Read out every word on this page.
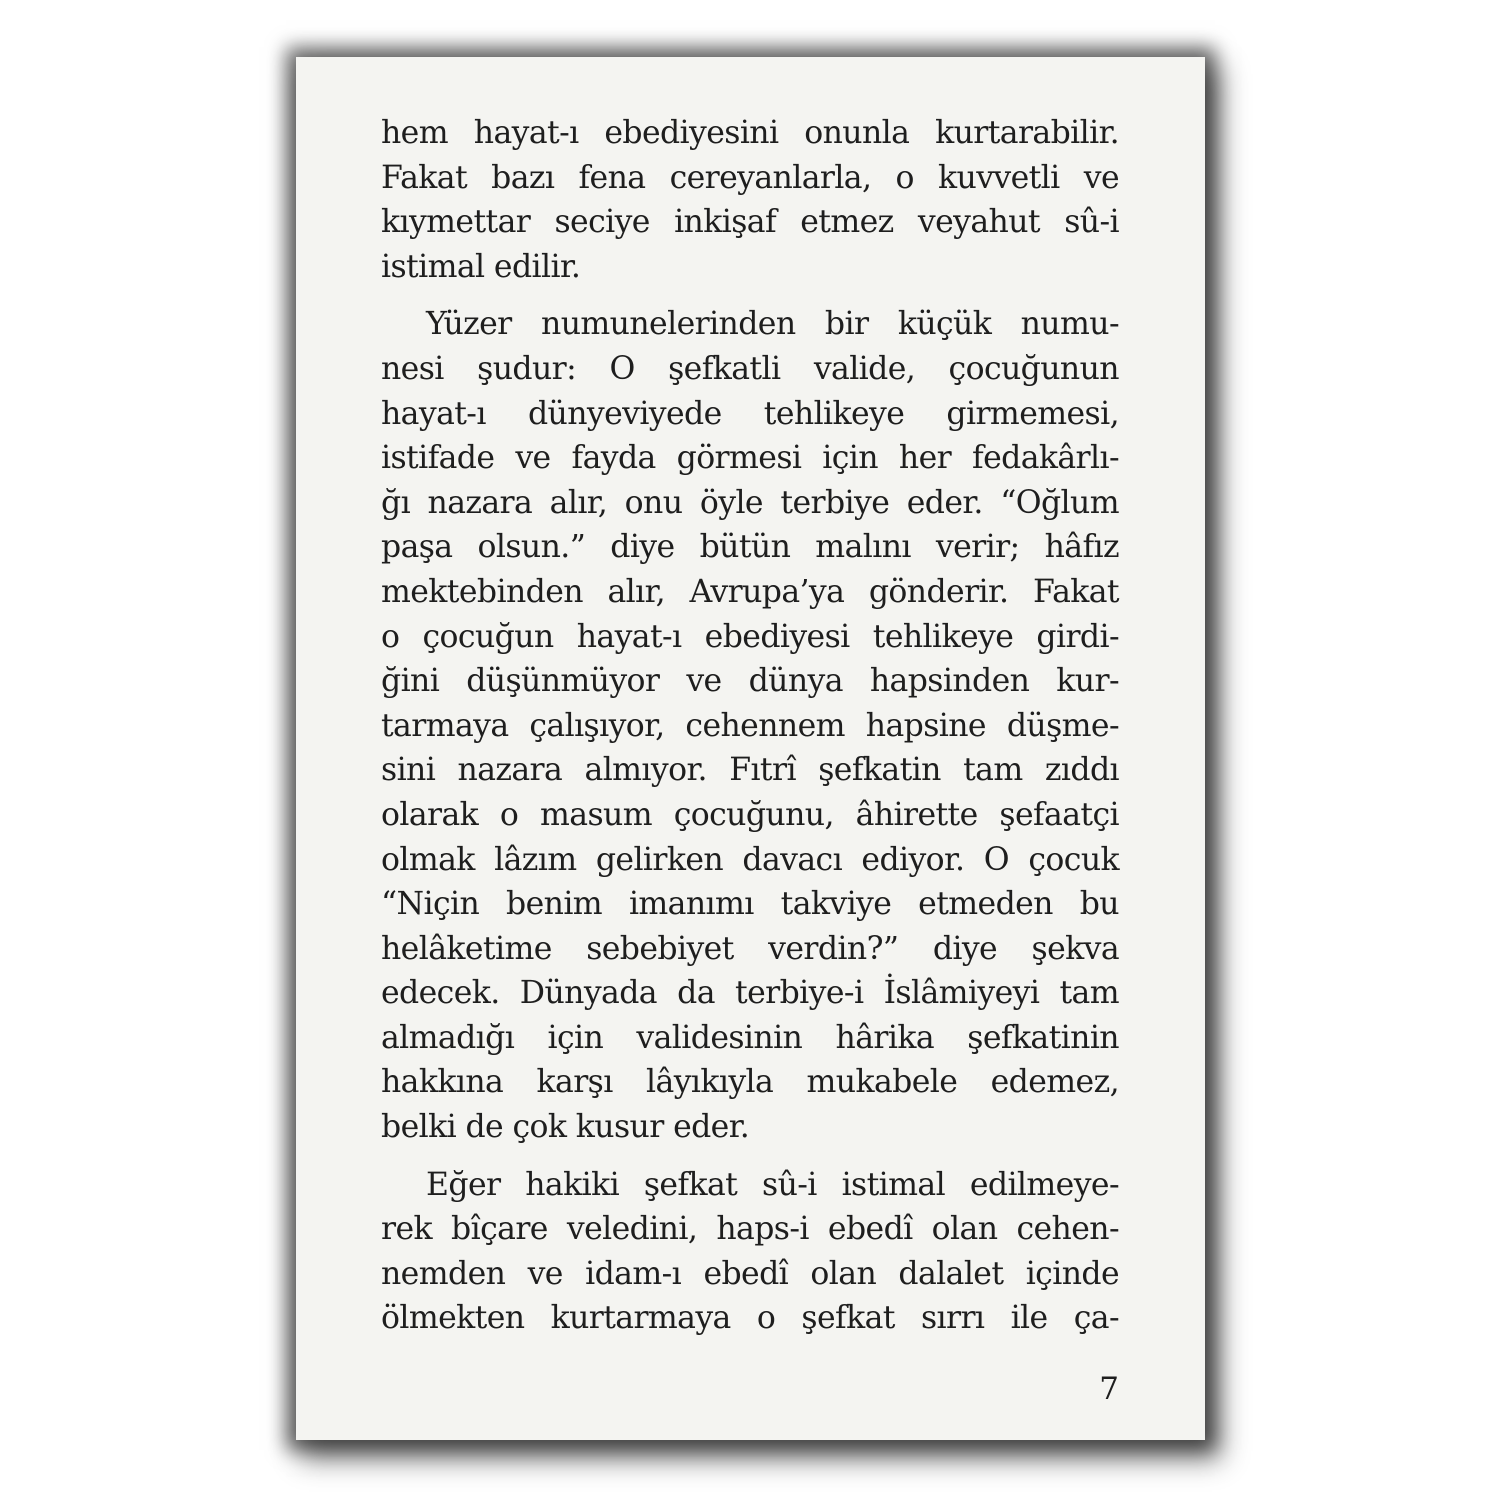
hem hayat-ı ebediyesini onunla kurtarabilir.
Fakat bazı fena cereyanlarla, o kuvvetli ve
kıymettar seciye inkişaf etmez veyahut sû-i
istimal edilir.
Yüzer numunelerinden bir küçük numu-
nesi şudur: O şefkatli valide, çocuğunun
hayat-ı dünyeviyede tehlikeye girmemesi,
istifade ve fayda görmesi için her fedakârlı-
ğı nazara alır, onu öyle terbiye eder. “Oğlum
paşa olsun.” diye bütün malını verir; hâfız
mektebinden alır, Avrupa’ya gönderir. Fakat
o çocuğun hayat-ı ebediyesi tehlikeye girdi-
ğini düşünmüyor ve dünya hapsinden kur-
tarmaya çalışıyor, cehennem hapsine düşme-
sini nazara almıyor. Fıtrî şefkatin tam zıddı
olarak o masum çocuğunu, âhirette şefaatçi
olmak lâzım gelirken davacı ediyor. O çocuk
“Niçin benim imanımı takviye etmeden bu
helâketime sebebiyet verdin?” diye şekva
edecek. Dünyada da terbiye-i İslâmiyeyi tam
almadığı için validesinin hârika şefkatinin
hakkına karşı lâyıkıyla mukabele edemez,
belki de çok kusur eder.
Eğer hakiki şefkat sû-i istimal edilmeye-
rek bîçare veledini, haps-i ebedî olan cehen-
nemden ve idam-ı ebedî olan dalalet içinde
ölmekten kurtarmaya o şefkat sırrı ile ça-
7
